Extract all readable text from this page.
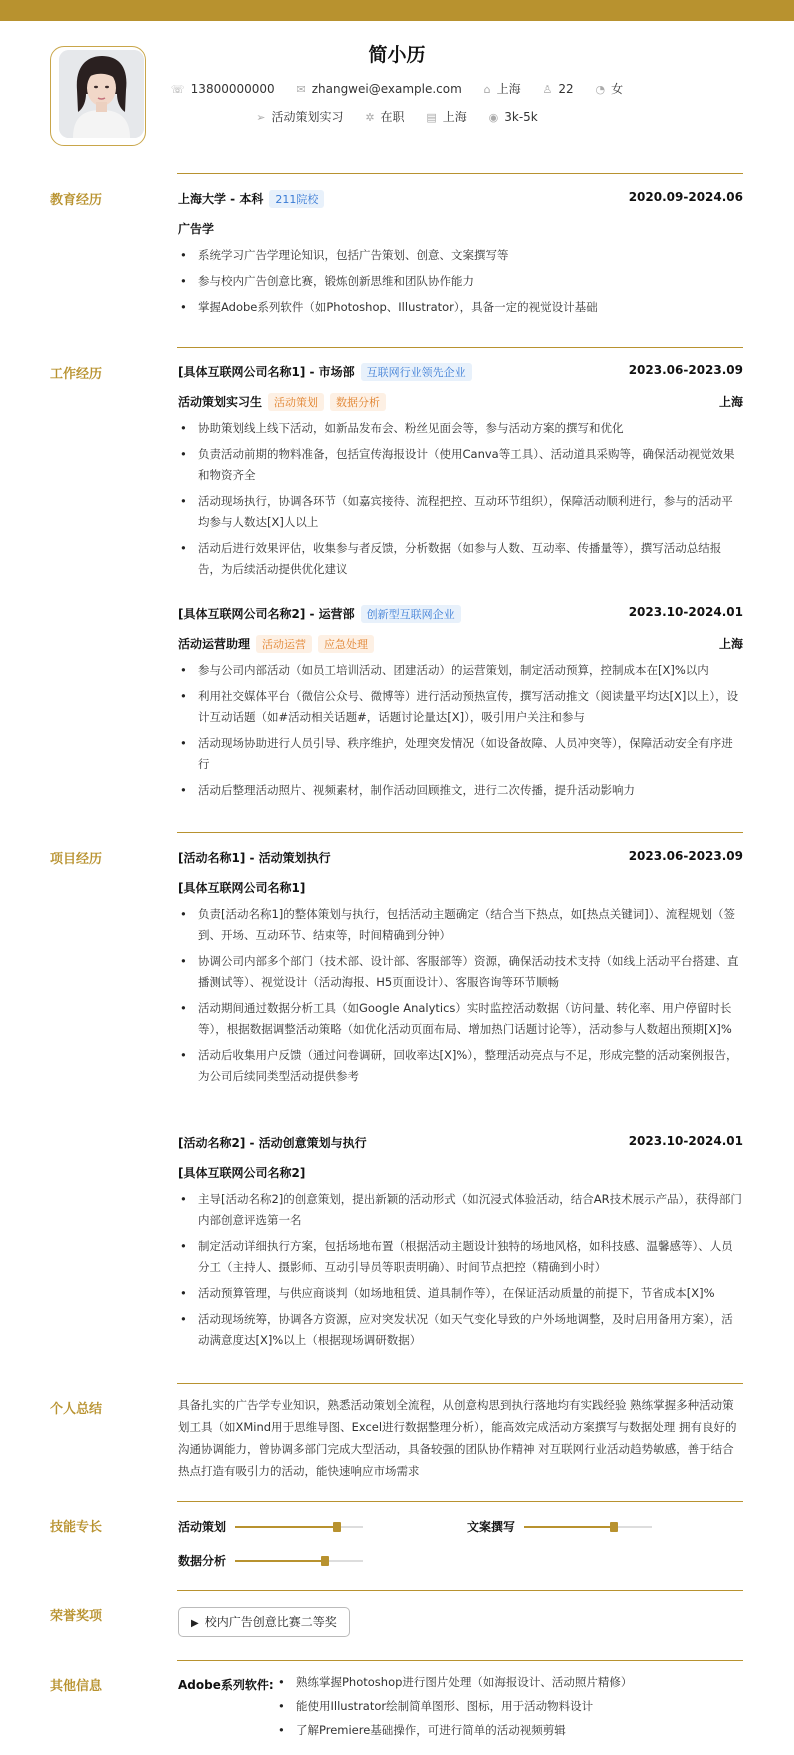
简小历
☏ 13800000000 ✉ zhangwei@example.com ⌂ 上海 ♙ 22 ◔ 女
➢ 活动策划实习 ✲ 在职 ▤ 上海 ◉ 3k-5k
教育经历	上海大学 - 本科 211院校	2020.09-2024.06
广告学
• 系统学习广告学理论知识，包括广告策划、创意、文案撰写等
• 参与校内广告创意比赛，锻炼创新思维和团队协作能力
• 掌握Adobe系列软件（如Photoshop、Illustrator），具备一定的视觉设计基础
工作经历	[具体互联网公司名称1] - 市场部 互联网行业领先企业	2023.06-2023.09
活动策划实习生 活动策划 数据分析	上海
• 协助策划线上线下活动，如新品发布会、粉丝见面会等，参与活动方案的撰写和优化
• 负责活动前期的物料准备，包括宣传海报设计（使用Canva等工具）、活动道具采购等，确保活动视觉效果和物资齐全
• 活动现场执行，协调各环节（如嘉宾接待、流程把控、互动环节组织），保障活动顺利进行，参与的活动平均参与人数达[X]人以上
• 活动后进行效果评估，收集参与者反馈，分析数据（如参与人数、互动率、传播量等），撰写活动总结报告，为后续活动提供优化建议
[具体互联网公司名称2] - 运营部 创新型互联网企业	2023.10-2024.01
活动运营助理 活动运营 应急处理	上海
• 参与公司内部活动（如员工培训活动、团建活动）的运营策划，制定活动预算，控制成本在[X]%以内
• 利用社交媒体平台（微信公众号、微博等）进行活动预热宣传，撰写活动推文（阅读量平均达[X]以上），设计互动话题（如#活动相关话题#，话题讨论量达[X]），吸引用户关注和参与
• 活动现场协助进行人员引导、秩序维护，处理突发情况（如设备故障、人员冲突等），保障活动安全有序进行
• 活动后整理活动照片、视频素材，制作活动回顾推文，进行二次传播，提升活动影响力
项目经历	[活动名称1] - 活动策划执行	2023.06-2023.09
[具体互联网公司名称1]
• 负责[活动名称1]的整体策划与执行，包括活动主题确定（结合当下热点，如[热点关键词]）、流程规划（签到、开场、互动环节、结束等，时间精确到分钟）
• 协调公司内部多个部门（技术部、设计部、客服部等）资源，确保活动技术支持（如线上活动平台搭建、直播测试等）、视觉设计（活动海报、H5页面设计）、客服咨询等环节顺畅
• 活动期间通过数据分析工具（如Google Analytics）实时监控活动数据（访问量、转化率、用户停留时长等），根据数据调整活动策略（如优化活动页面布局、增加热门话题讨论等），活动参与人数超出预期[X]%
• 活动后收集用户反馈（通过问卷调研，回收率达[X]%），整理活动亮点与不足，形成完整的活动案例报告，为公司后续同类型活动提供参考
[活动名称2] - 活动创意策划与执行	2023.10-2024.01
[具体互联网公司名称2]
• 主导[活动名称2]的创意策划，提出新颖的活动形式（如沉浸式体验活动，结合AR技术展示产品），获得部门内部创意评选第一名
• 制定活动详细执行方案，包括场地布置（根据活动主题设计独特的场地风格，如科技感、温馨感等）、人员分工（主持人、摄影师、互动引导员等职责明确）、时间节点把控（精确到小时）
• 活动预算管理，与供应商谈判（如场地租赁、道具制作等），在保证活动质量的前提下，节省成本[X]%
• 活动现场统筹，协调各方资源，应对突发状况（如天气变化导致的户外场地调整，及时启用备用方案），活动满意度达[X]%以上（根据现场调研数据）
个人总结	具备扎实的广告学专业知识，熟悉活动策划全流程，从创意构思到执行落地均有实践经验 熟练掌握多种活动策划工具（如XMind用于思维导图、Excel进行数据整理分析），能高效完成活动方案撰写与数据处理 拥有良好的沟通协调能力，曾协调多部门完成大型活动，具备较强的团队协作精神 对互联网行业活动趋势敏感，善于结合热点打造有吸引力的活动，能快速响应市场需求
技能专长	活动策划	文案撰写
数据分析
荣誉奖项	▶ 校内广告创意比赛二等奖
其他信息	Adobe系列软件:
•	熟练掌握Photoshop进行图片处理（如海报设计、活动照片精修）
• 能使用Illustrator绘制简单图形、图标，用于活动物料设计
• 了解Premiere基础操作，可进行简单的活动视频剪辑
